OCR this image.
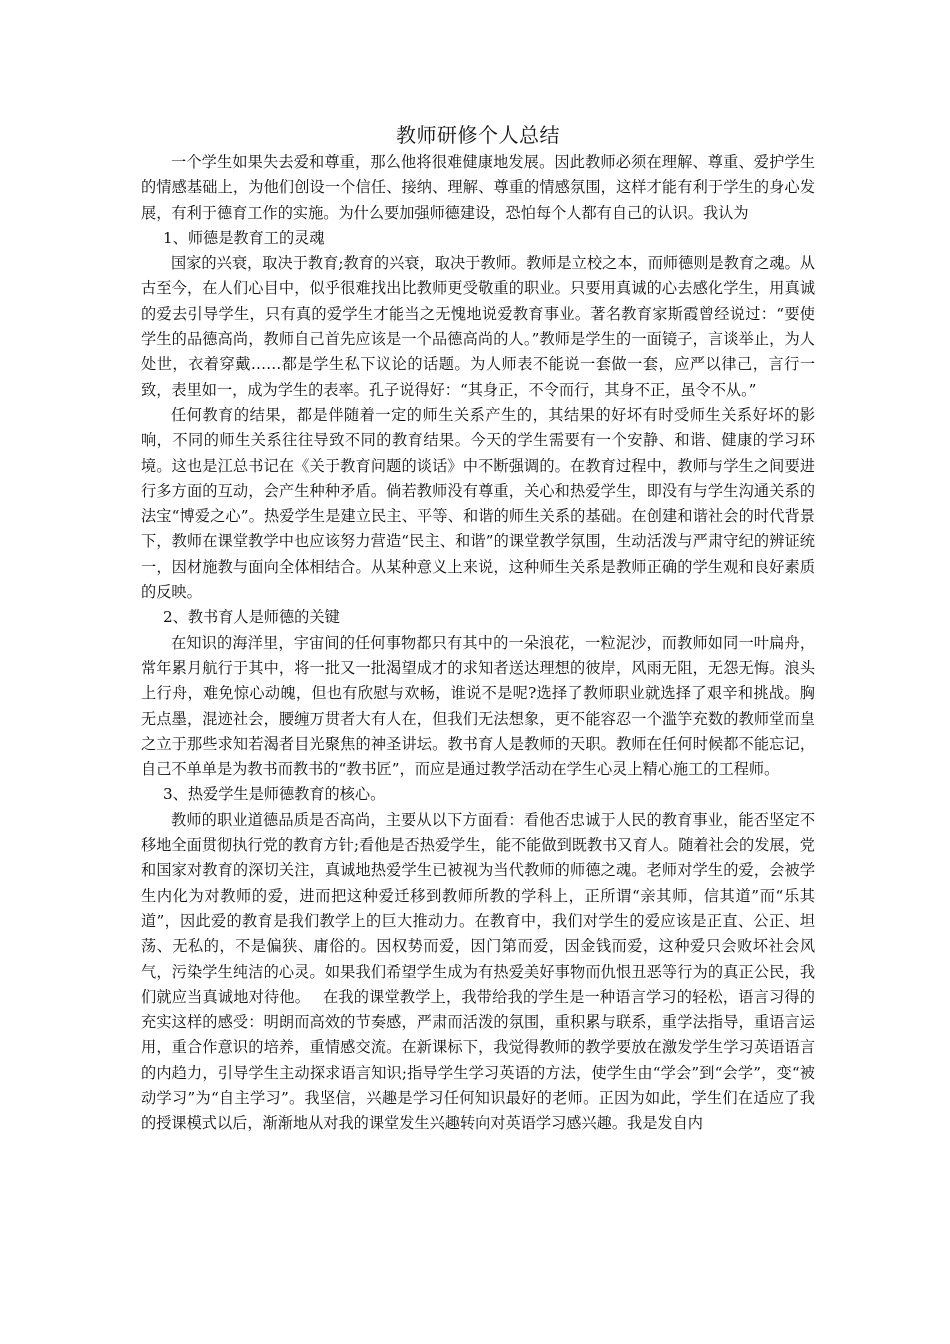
教师研修个人总结

一个学生如果失去爱和尊重，那么他将很难健康地发展。因此教师必须在理解、尊重、爱护学生的情感基础上，为他们创设一个信任、接纳、理解、尊重的情感氛围，这样才能有利于学生的身心发展，有利于德育工作的实施。为什么要加强师德建设，恐怕每个人都有自己的认识。我认为

1、师德是教育工的灵魂

国家的兴衰，取决于教育;教育的兴衰，取决于教师。教师是立校之本，而师德则是教育之魂。从古至今，在人们心目中，似乎很难找出比教师更受敬重的职业。只要用真诚的心去感化学生，用真诚的爱去引导学生，只有真的爱学生才能当之无愧地说爱教育事业。著名教育家斯霞曾经说过：“要使学生的品德高尚，教师自己首先应该是一个品德高尚的人。”教师是学生的一面镜子，言谈举止，为人处世，衣着穿戴……都是学生私下议论的话题。为人师表不能说一套做一套，应严以律己，言行一致，表里如一，成为学生的表率。孔子说得好：“其身正，不令而行，其身不正，虽令不从。”

任何教育的结果，都是伴随着一定的师生关系产生的，其结果的好坏有时受师生关系好坏的影响，不同的师生关系往往导致不同的教育结果。今天的学生需要有一个安静、和谐、健康的学习环境。这也是江总书记在《关于教育问题的谈话》中不断强调的。在教育过程中，教师与学生之间要进行多方面的互动，会产生种种矛盾。倘若教师没有尊重，关心和热爱学生，即没有与学生沟通关系的法宝“博爱之心”。热爱学生是建立民主、平等、和谐的师生关系的基础。在创建和谐社会的时代背景下，教师在课堂教学中也应该努力营造“民主、和谐”的课堂教学氛围，生动活泼与严肃守纪的辨证统一，因材施教与面向全体相结合。从某种意义上来说，这种师生关系是教师正确的学生观和良好素质的反映。

2、教书育人是师德的关键

在知识的海洋里，宇宙间的任何事物都只有其中的一朵浪花，一粒泥沙，而教师如同一叶扁舟，常年累月航行于其中，将一批又一批渴望成才的求知者送达理想的彼岸，风雨无阻，无怨无悔。浪头上行舟，难免惊心动魄，但也有欣慰与欢畅，谁说不是呢?选择了教师职业就选择了艰辛和挑战。胸无点墨，混迹社会，腰缠万贯者大有人在，但我们无法想象，更不能容忍一个滥竽充数的教师堂而皇之立于那些求知若渴者目光聚焦的神圣讲坛。教书育人是教师的天职。教师在任何时候都不能忘记，自己不单单是为教书而教书的“教书匠”，而应是通过教学活动在学生心灵上精心施工的工程师。

3、热爱学生是师德教育的核心。

教师的职业道德品质是否高尚，主要从以下方面看：看他否忠诚于人民的教育事业，能否坚定不移地全面贯彻执行党的教育方针;看他是否热爱学生，能不能做到既教书又育人。随着社会的发展，党和国家对教育的深切关注，真诚地热爱学生已被视为当代教师的师德之魂。老师对学生的爱，会被学生内化为对教师的爱，进而把这种爱迁移到教师所教的学科上，正所谓“亲其师，信其道”而“乐其道”，因此爱的教育是我们教学上的巨大推动力。在教育中，我们对学生的爱应该是正直、公正、坦荡、无私的，不是偏狭、庸俗的。因权势而爱，因门第而爱，因金钱而爱，这种爱只会败坏社会风气，污染学生纯洁的心灵。如果我们希望学生成为有热爱美好事物而仇恨丑恶等行为的真正公民，我们就应当真诚地对待他。　 在我的课堂教学上，我带给我的学生是一种语言学习的轻松，语言习得的充实这样的感受：明朗而高效的节奏感，严肃而活泼的氛围，重积累与联系，重学法指导，重语言运用，重合作意识的培养，重情感交流。在新课标下，我觉得教师的教学要放在激发学生学习英语语言的内趋力，引导学生主动探求语言知识;指导学生学习英语的方法，使学生由“学会”到“会学”，变“被动学习”为“自主学习”。我坚信，兴趣是学习任何知识最好的老师。正因为如此，学生们在适应了我的授课模式以后，渐渐地从对我的课堂发生兴趣转向对英语学习感兴趣。我是发自内
